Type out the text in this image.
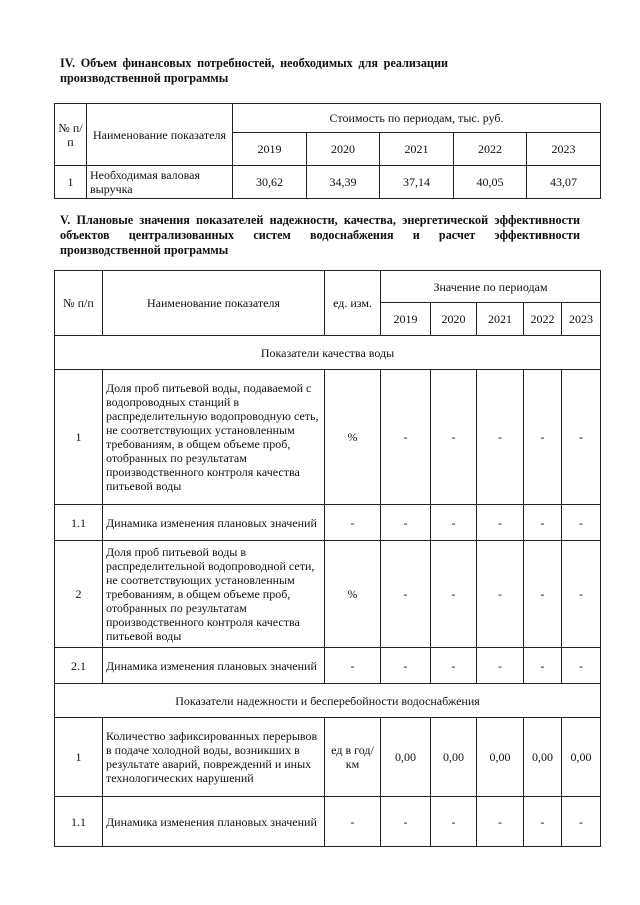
IV. Объем финансовых потребностей, необходимых для реализации производственной программы
№ п/п	Наименование показателя	Стоимость по периодам, тыс. руб.				
		2019	2020	2021	2022	2023
1	Необходимая валовая выручка	30,62	34,39	37,14	40,05	43,07
V. Плановые значения показателей надежности, качества, энергетической эффективности объектов централизованных систем водоснабжения и расчет эффективности производственной программы
№ п/п	Наименование показателя	ед. изм.	Значение по периодам				
			2019	2020	2021	2022	2023
Показатели качества воды							
1	Доля проб питьевой воды, подаваемой с водопроводных станций в распределительную водопроводную сеть, не соответствующих установленным требованиям, в общем объеме проб, отобранных по результатам производственного контроля качества питьевой воды	%	-	-	-	-	-
1.1	Динамика изменения плановых значений	-	-	-	-	-	-
2	Доля проб питьевой воды в распределительной водопроводной сети, не соответствующих установленным требованиям, в общем объеме проб, отобранных по результатам производственного контроля качества питьевой воды	%	-	-	-	-	-
2.1	Динамика изменения плановых значений	-	-	-	-	-	-
Показатели надежности и бесперебойности водоснабжения							
1	Количество зафиксированных перерывов в подаче холодной воды, возникших в результате аварий, повреждений и иных технологических нарушений	ед в год/ км	0,00	0,00	0,00	0,00	0,00
1.1	Динамика изменения плановых значений	-	-	-	-	-	-
